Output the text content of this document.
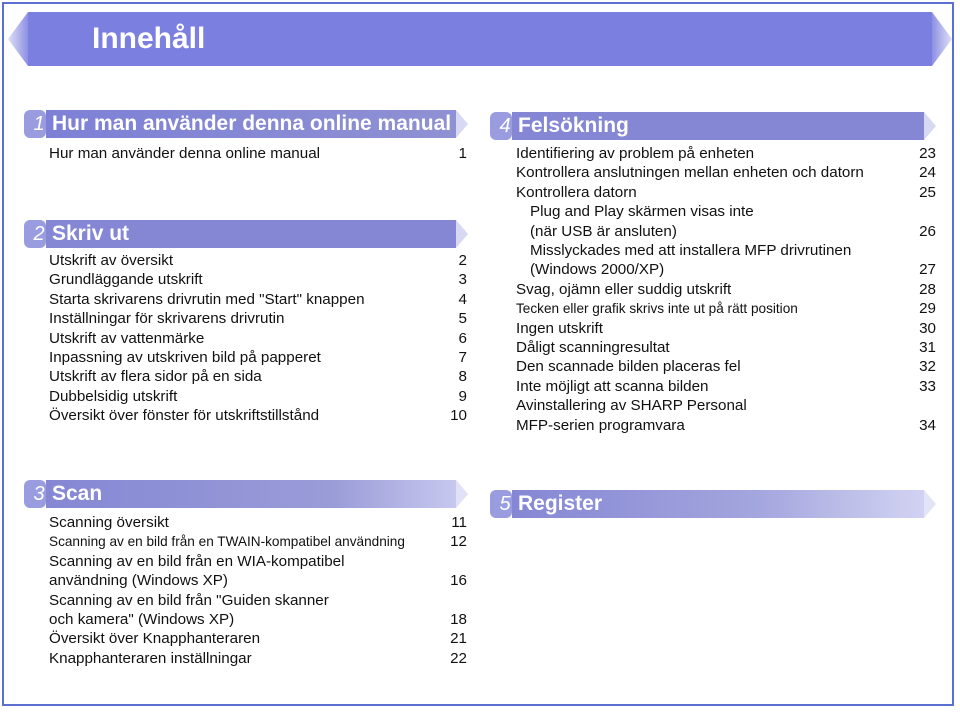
Innehåll
1 Hur man använder denna online manual
Hur man använder denna online manual	1
2 Skriv ut
Utskrift av översikt	2
Grundläggande utskrift	3
Starta skrivarens drivrutin med "Start" knappen	4
Inställningar för skrivarens drivrutin	5
Utskrift av vattenmärke	6
Inpassning av utskriven bild på papperet	7
Utskrift av flera sidor på en sida	8
Dubbelsidig utskrift	9
Översikt över fönster för utskriftstillstånd	10
3 Scan
Scanning översikt	11
Scanning av en bild från en TWAIN-kompatibel användning	12
Scanning av en bild från en WIA-kompatibel
användning (Windows XP)	16
Scanning av en bild från "Guiden skanner
och kamera" (Windows XP)	18
Översikt över Knapphanteraren	21
Knapphanteraren inställningar	22
4 Felsökning
Identifiering av problem på enheten	23
Kontrollera anslutningen mellan enheten och datorn	24
Kontrollera datorn	25
Plug and Play skärmen visas inte
(när USB är ansluten)	26
Misslyckades med att installera MFP drivrutinen
(Windows 2000/XP)	27
Svag, ojämn eller suddig utskrift	28
Tecken eller grafik skrivs inte ut på rätt position	29
Ingen utskrift	30
Dåligt scanningresultat	31
Den scannade bilden placeras fel	32
Inte möjligt att scanna bilden	33
Avinstallering av SHARP Personal
MFP-serien programvara	34
5 Register
